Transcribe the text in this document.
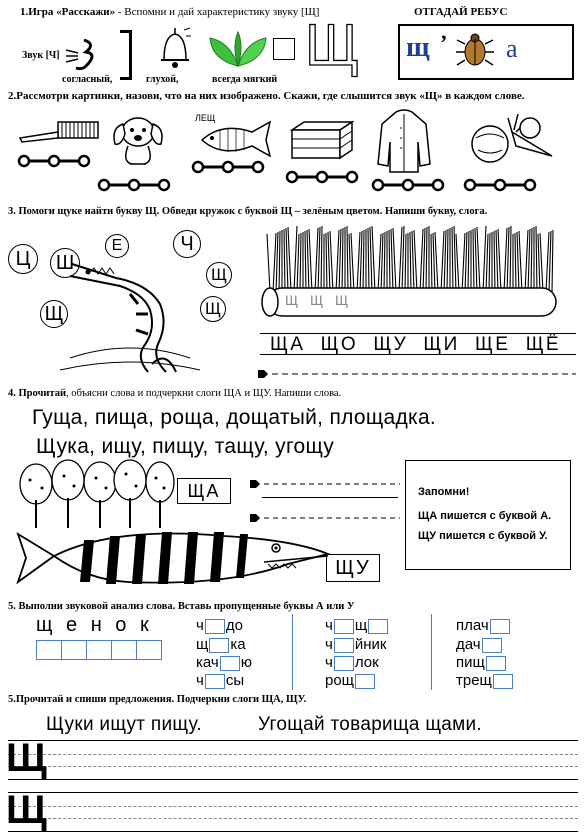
1.Игра «Расскажи» - Вспомни и дай характеристику звуку [Щ]
Звук [Ч]	Щ
согласный,	глухой,	всегда мягкий
ОТГАДАЙ РЕБУС
щ ’ а
2.Рассмотри картинки, назови, что на них изображено. Скажи, где слышится звук «Щ» в каждом слове.
ЛЕЩ
3. Помоги щуке найти букву Щ. Обведи кружок с буквой Щ – зелёным цветом. Напиши букву, слога.
Ц	Ш
Е	Ч
Щ
Щ
Щ
Щ Щ Щ
ЩА  ЩО  ЩУ  ЩИ  ЩЕ  ЩЁ
4. Прочитай, объясни слова и подчеркни слоги ЩА и ЩУ. Напиши слова.
Гуща, пища, роща, дощатый, площадка.
Щука, ищу, пищу, тащу, угощу
ЩА	Запомни!
ЩА пишется с буквой А.
ЩУ пишется с буквой У.
ЩУ
5. Выполни звуковой анализ слова. Вставь пропущенные буквы А или У
щ е н о к	ч до
щ ка
кач ю
ч сы
ч щ
ч йник
ч лок
рощ
плач
дач
пищ
трещ
5.Прочитай и спиши предложения. Подчеркни слоги ЩА, ЩУ.
Щуки ищут пищу.	Угощай товарища щами.
Щ
Щ
